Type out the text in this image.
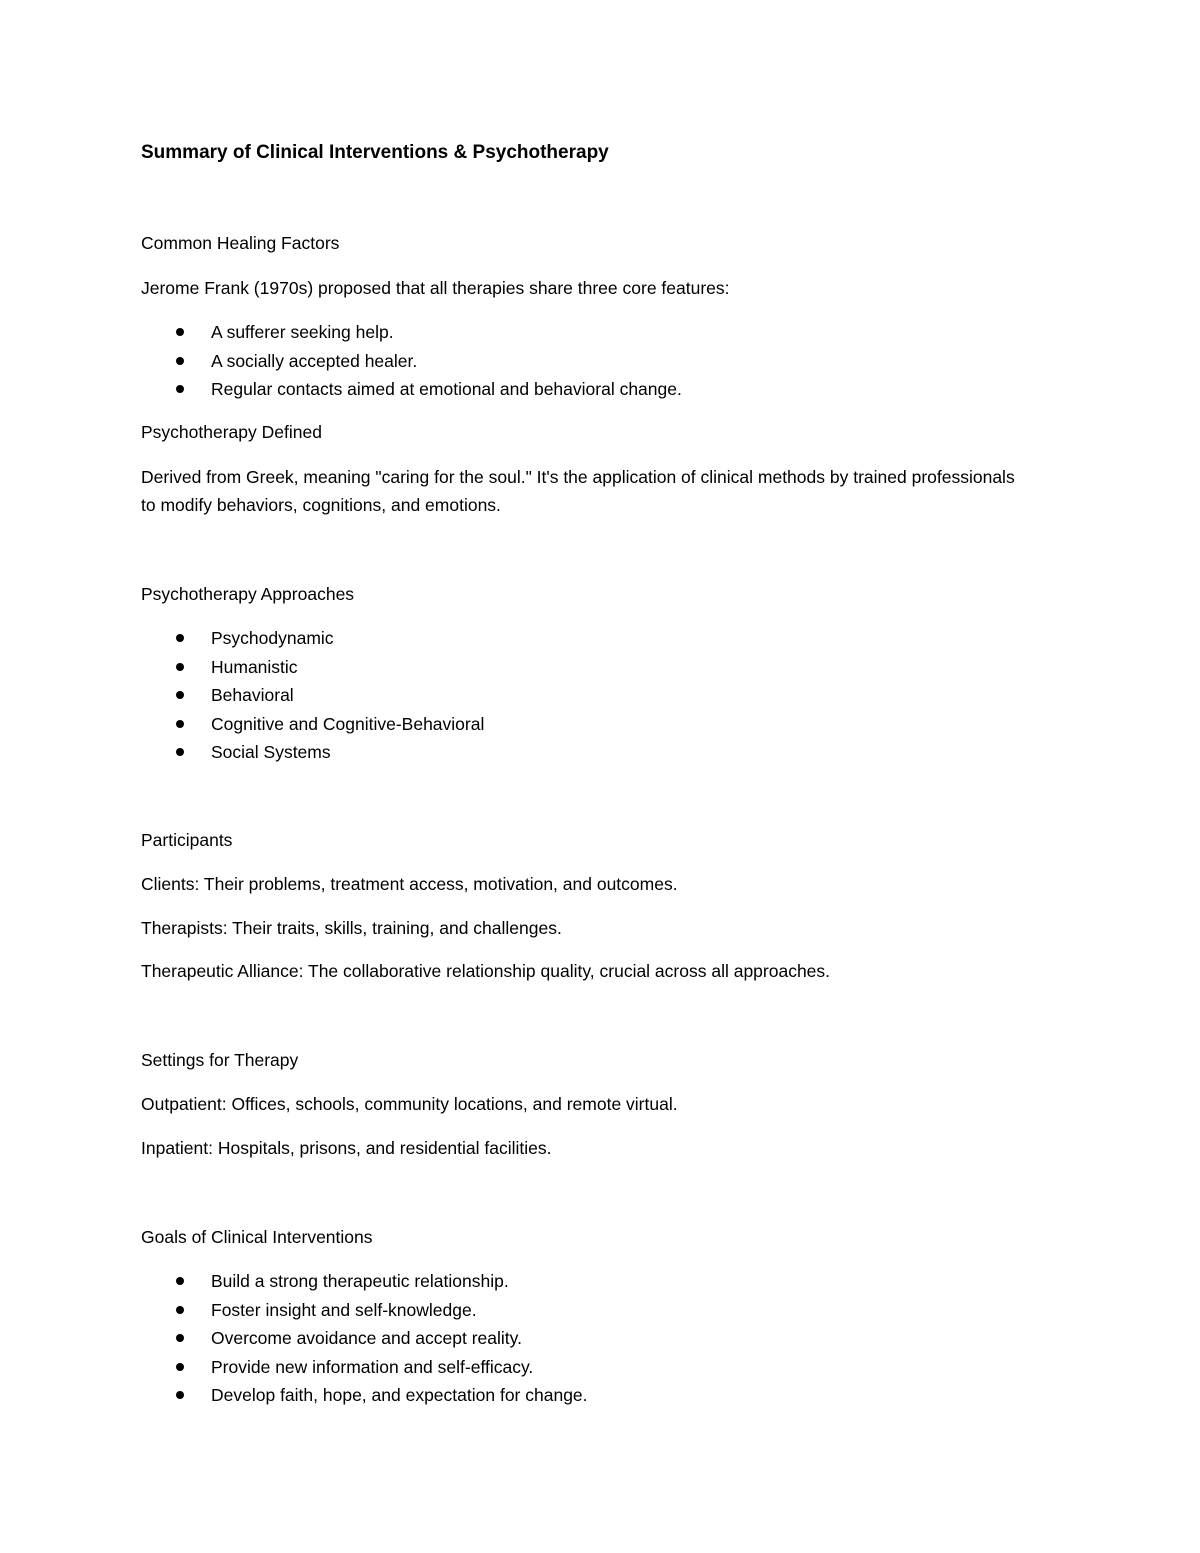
Summary of Clinical Interventions & Psychotherapy

Common Healing Factors

Jerome Frank (1970s) proposed that all therapies share three core features:

A sufferer seeking help.
A socially accepted healer.
Regular contacts aimed at emotional and behavioral change.

Psychotherapy Defined

Derived from Greek, meaning "caring for the soul." It's the application of clinical methods by trained professionals to modify behaviors, cognitions, and emotions.

Psychotherapy Approaches

Psychodynamic
Humanistic
Behavioral
Cognitive and Cognitive-Behavioral
Social Systems

Participants

Clients: Their problems, treatment access, motivation, and outcomes.

Therapists: Their traits, skills, training, and challenges.

Therapeutic Alliance: The collaborative relationship quality, crucial across all approaches.

Settings for Therapy

Outpatient: Offices, schools, community locations, and remote virtual.

Inpatient: Hospitals, prisons, and residential facilities.

Goals of Clinical Interventions

Build a strong therapeutic relationship.
Foster insight and self-knowledge.
Overcome avoidance and accept reality.
Provide new information and self-efficacy.
Develop faith, hope, and expectation for change.
